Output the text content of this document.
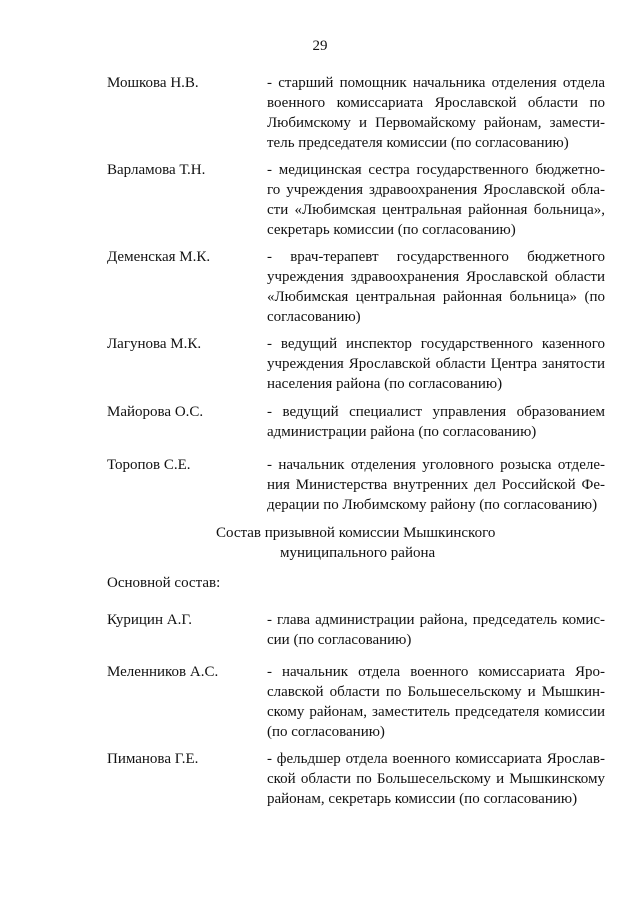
29
Мошкова Н.В.	- старший помощник начальника отделения отдела
военного комиссариата Ярославской области по
Любимскому и Первомайскому районам, замести-
тель председателя комиссии (по согласованию)
Варламова Т.Н.	- медицинская сестра государственного бюджетно-
го учреждения здравоохранения Ярославской обла-
сти «Любимская центральная районная больница»,
секретарь комиссии (по согласованию)
Деменская М.К.	- врач-терапевт государственного бюджетного
учреждения здравоохранения Ярославской области
«Любимская центральная районная больница» (по
согласованию)
Лагунова М.К.	- ведущий инспектор государственного казенного
учреждения Ярославской области Центра занятости
населения района (по согласованию)
Майорова О.С.	- ведущий специалист управления образованием
администрации района (по согласованию)
Торопов С.Е.	- начальник отделения уголовного розыска отделе-
ния Министерства внутренних дел Российской Фе-
дерации по Любимскому району (по согласованию)
Состав призывной комиссии Мышкинского
муниципального района
Основной состав:
Курицин А.Г.	- глава администрации района, председатель комис-
сии (по согласованию)
Меленников А.С.	- начальник отдела военного комиссариата Яро-
славской области по Большесельскому и Мышкин-
скому районам, заместитель председателя комиссии
(по согласованию)
Пиманова Г.Е.	- фельдшер отдела военного комиссариата Ярослав-
ской области по Большесельскому и Мышкинскому
районам, секретарь комиссии (по согласованию)
